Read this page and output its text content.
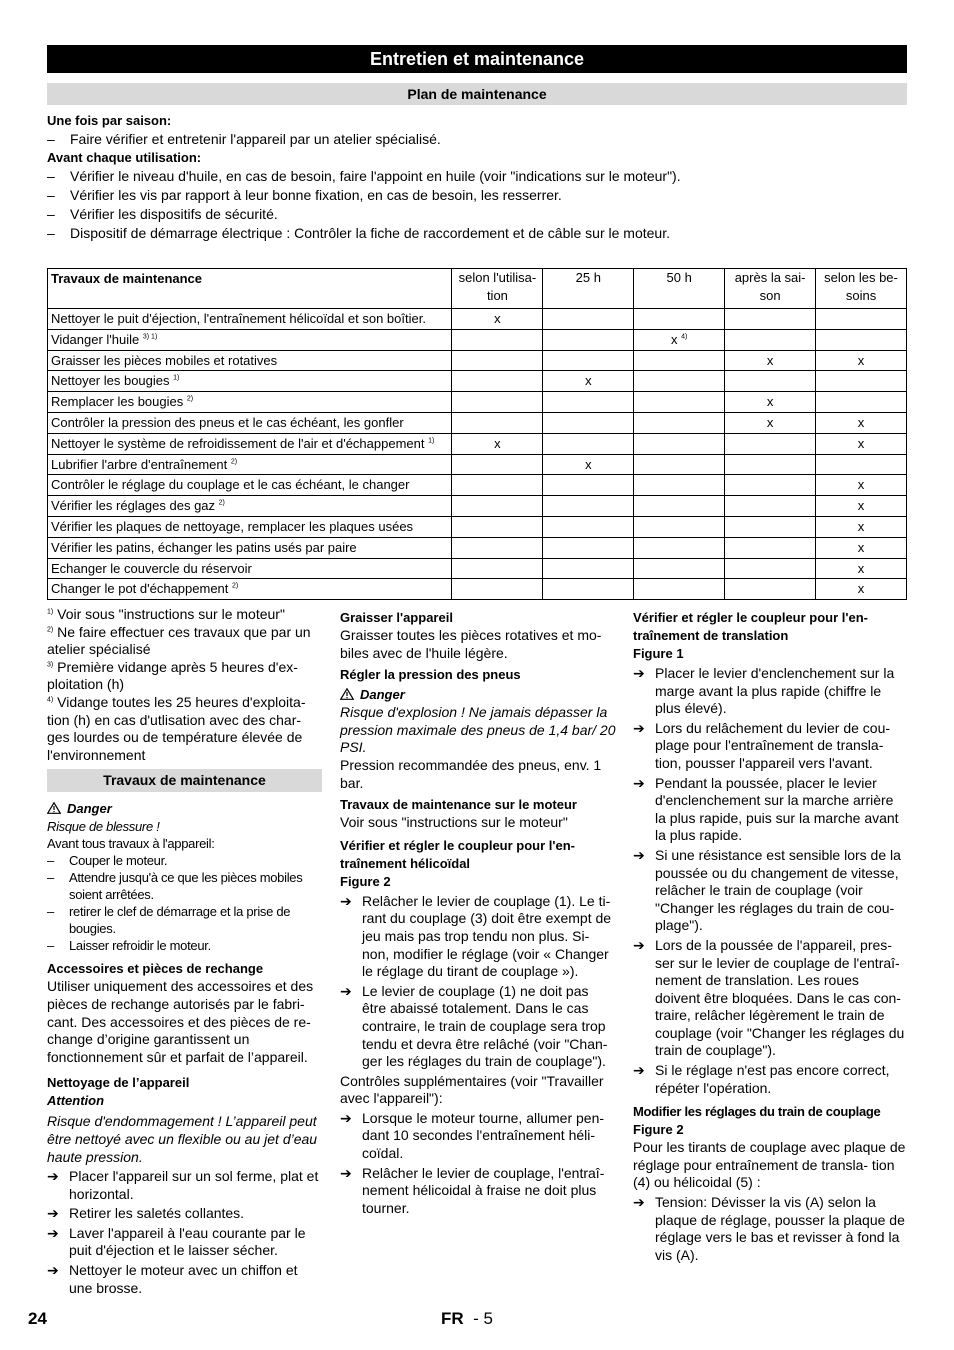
Entretien et maintenance
Plan de maintenance
Une fois par saison:
– Faire vérifier et entretenir l'appareil par un atelier spécialisé.
Avant chaque utilisation:
– Vérifier le niveau d'huile, en cas de besoin, faire l'appoint en huile (voir "indications sur le moteur").
– Vérifier les vis par rapport à leur bonne fixation, en cas de besoin, les resserrer.
– Vérifier les dispositifs de sécurité.
– Dispositif de démarrage électrique : Contrôler la fiche de raccordement et de câble sur le moteur.
Travaux de maintenance	selon l'utilisa- tion	25 h	50 h	après la sai- son	selon les be- soins
Nettoyer le puit d'éjection, l'entraînement hélicoïdal et son boîtier.	x				
Vidanger l'huile $^{3) 1)}$			x $^{4)}$		
Graisser les pièces mobiles et rotatives				x	x
Nettoyer les bougies $^{1)}$		x			
Remplacer les bougies $^{2)}$				x	
Contrôler la pression des pneus et le cas échéant, les gonfler				x	x
Nettoyer le système de refroidissement de l'air et d'échappement $^{1)}$	x				x
Lubrifier l'arbre d'entraînement $^{2)}$		x			
Contrôler le réglage du couplage et le cas échéant, le changer					x
Vérifier les réglages des gaz $^{2)}$					x
Vérifier les plaques de nettoyage, remplacer les plaques usées					x
Vérifier les patins, échanger les patins usés par paire					x
Echanger le couvercle du réservoir					x
Changer le pot d'échappement $^{2)}$					x
$^{1)}$ Voir sous "instructions sur le moteur"
$^{2)}$ Ne faire effectuer ces travaux que par un atelier spécialisé
$^{3)}$ Première vidange après 5 heures d'ex- ploitation (h)
$^{4)}$ Vidange toutes les 25 heures d'exploita- tion (h) en cas d'utlisation avec des char- ges lourdes ou de température élevée de l'environnement
Travaux de maintenance
Danger
Risque de blessure !
Avant tous travaux à l'appareil:
– Couper le moteur.
– Attendre jusqu'à ce que les pièces mobiles soient arrêtées.
– retirer le clef de démarrage et la prise de bougies.
– Laisser refroidir le moteur.
Accessoires et pièces de rechange
Utiliser uniquement des accessoires et des pièces de rechange autorisés par le fabri- cant. Des accessoires et des pièces de re- change d’origine garantissent un fonctionnement sûr et parfait de l’appareil.
Nettoyage de l’appareil
Attention
Risque d'endommagement ! L’appareil peut être nettoyé avec un flexible ou au jet d’eau haute pression.
➔ Placer l'appareil sur un sol ferme, plat et horizontal.
➔ Retirer les saletés collantes.
➔ Laver l'appareil à l'eau courante par le puit d'éjection et le laisser sécher.
➔ Nettoyer le moteur avec un chiffon et une brosse.
Graisser l'appareil
Graisser toutes les pièces rotatives et mo- biles avec de l'huile légère.
Régler la pression des pneus
Danger
Risque d'explosion ! Ne jamais dépasser la pression maximale des pneus de 1,4 bar/ 20 PSI.
Pression recommandée des pneus, env. 1 bar.
Travaux de maintenance sur le moteur
Voir sous "instructions sur le moteur"
Vérifier et régler le coupleur pour l'en- traînement hélicoïdal
Figure 2
➔ Relâcher le levier de couplage (1). Le ti- rant du couplage (3) doit être exempt de jeu mais pas trop tendu non plus. Si- non, modifier le réglage (voir « Changer le réglage du tirant de couplage »).
➔ Le levier de couplage (1) ne doit pas être abaissé totalement. Dans le cas contraire, le train de couplage sera trop tendu et devra être relâché (voir "Chan- ger les réglages du train de couplage").
Contrôles supplémentaires (voir "Travailler avec l'appareil"):
➔ Lorsque le moteur tourne, allumer pen- dant 10 secondes l'entraînement héli- coïdal.
➔ Relâcher le levier de couplage, l'entraî- nement hélicoidal à fraise ne doit plus tourner.
Vérifier et régler le coupleur pour l'en- traînement de translation
Figure 1
➔ Placer le levier d'enclenchement sur la marge avant la plus rapide (chiffre le plus élevé).
➔ Lors du relâchement du levier de cou- plage pour l'entraînement de transla- tion, pousser l'appareil vers l'avant.
➔ Pendant la poussée, placer le levier d'enclenchement sur la marche arrière la plus rapide, puis sur la marche avant la plus rapide.
➔ Si une résistance est sensible lors de la poussée ou du changement de vitesse, relâcher le train de couplage (voir "Changer les réglages du train de cou- plage").
➔ Lors de la poussée de l'appareil, pres- ser sur le levier de couplage de l'entraî- nement de translation. Les roues doivent être bloquées. Dans le cas con- traire, relâcher légèrement le train de couplage (voir "Changer les réglages du train de couplage").
➔ Si le réglage n'est pas encore correct, répéter l'opération.
Modifier les réglages du train de couplage
Figure 2
Pour les tirants de couplage avec plaque de réglage pour entraînement de transla- tion (4) ou hélicoidal (5) :
➔ Tension: Dévisser la vis (A) selon la plaque de réglage, pousser la plaque de réglage vers le bas et revisser à fond la vis (A).
24	FR - 5
